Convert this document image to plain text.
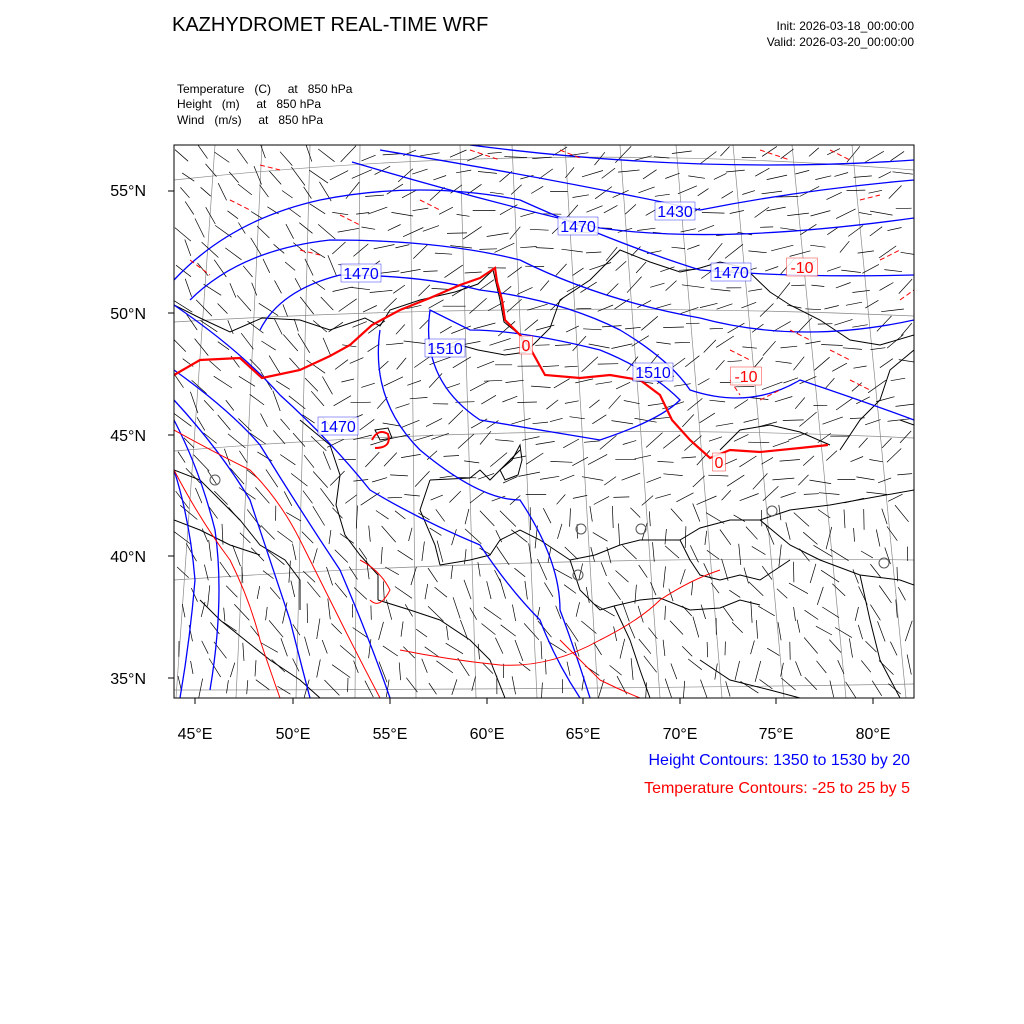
KAZHYDROMET REAL-TIME WRF	Init: 2026-03-18_00:00:00
Valid: 2026-03-20_00:00:00
Temperature   (C)     at   850 hPa
Height   (m)     at   850 hPa
Wind   (m/s)     at   850 hPa
1430
1470
1470	1470
1470
1510
1510
-10
-10
0
0
55°N
50°N
45°N
40°N
35°N
45°E	50°E	55°E	60°E	65°E	70°E	75°E	80°E
Height Contours: 1350 to 1530 by 20
Temperature Contours: -25 to 25 by 5
